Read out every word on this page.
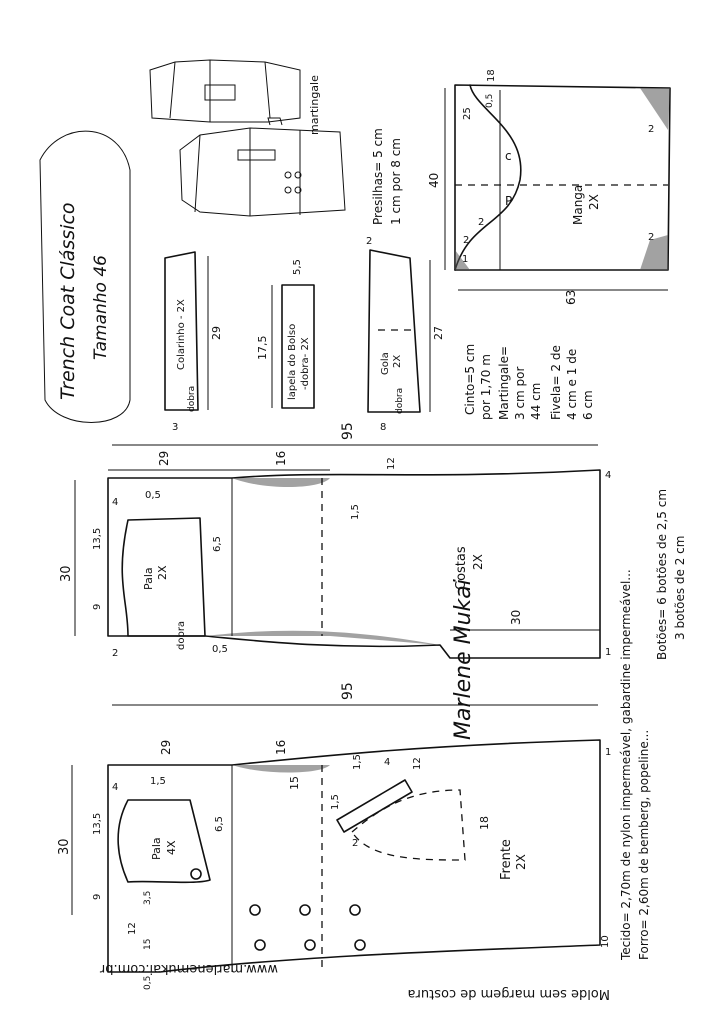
martingale
Trench Coat Clássico Tamanho 46	Colarinho - 2X
dobra
29
3
lapela do Bolso -dobra- 2X
17,5
5,5
Gola 2X
dobra
27
8
2
Presilhas= 5 cm 1 cm por 8 cm	Manga 2X
c
P
63
40
18
25
0,5
2
2
2
2
1
Cinto=5 cm por 1,70 m Martingale= 3 cm por 44 cm Fivela= 2 de 4 cm e 1 de 6 cm
Tecido= 2,70m de nylon impermeável, gabardine impermeável... Forro= 2,60m de bemberg, popeline...
Botões= 6 botões de 2,5 cm 3 botões de 2 cm
95
29	16
30
Costas 2X
4
0,5
1,5
1
30
13,5
9
2
4
6,5
0,5
Pala 2X
dobra
www.marlenemukai.com.br
Marlene Mukai
95
29	16
15
18
12
4
2
1,5
Frente 2X
10
1
1,5
30
13,5
9
12
4
1,5
6,5
3,5
0,5
15
Pala 4X
Molde sem margem de costura
12
